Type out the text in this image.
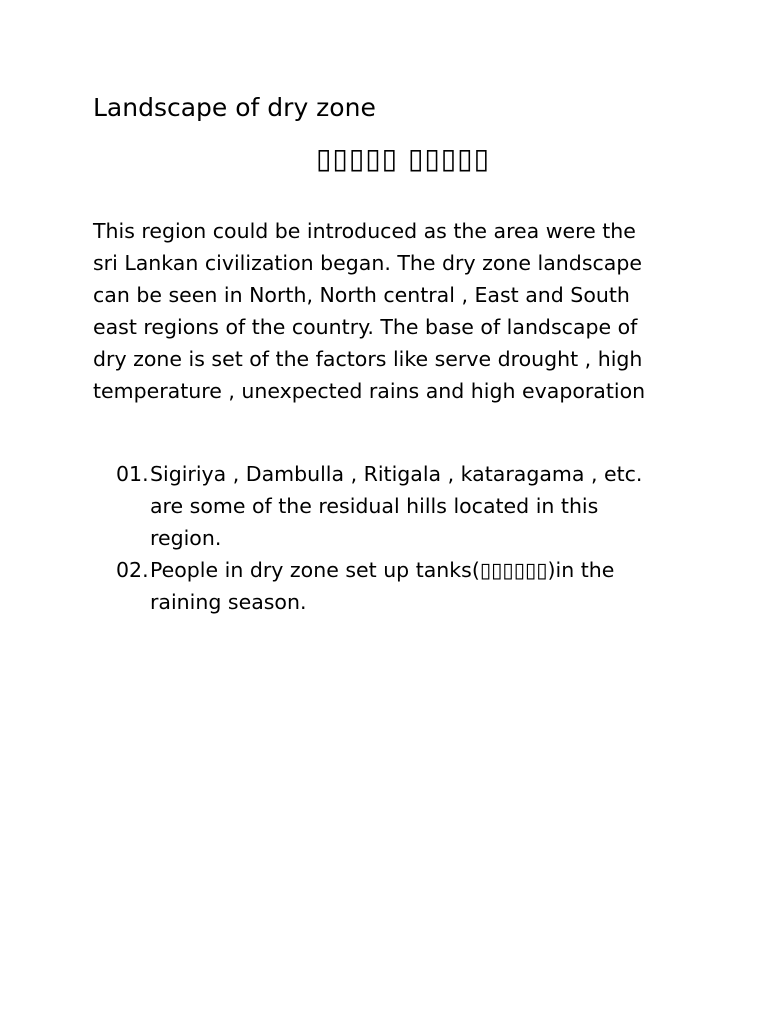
Landscape of dry zone
▯▯▯▯▯ ▯▯▯▯▯

This region could be introduced as the area were the sri Lankan civilization began. The dry zone landscape can be seen in North, North central , East and South east regions of the country. The base of landscape of dry zone is set of the factors like serve drought , high temperature , unexpected rains and high evaporation

01. Sigiriya , Dambulla , Ritigala , kataragama , etc. are some of the residual hills located in this region.
02. People in dry zone set up tanks(▯▯▯▯▯▯)in the raining season.
